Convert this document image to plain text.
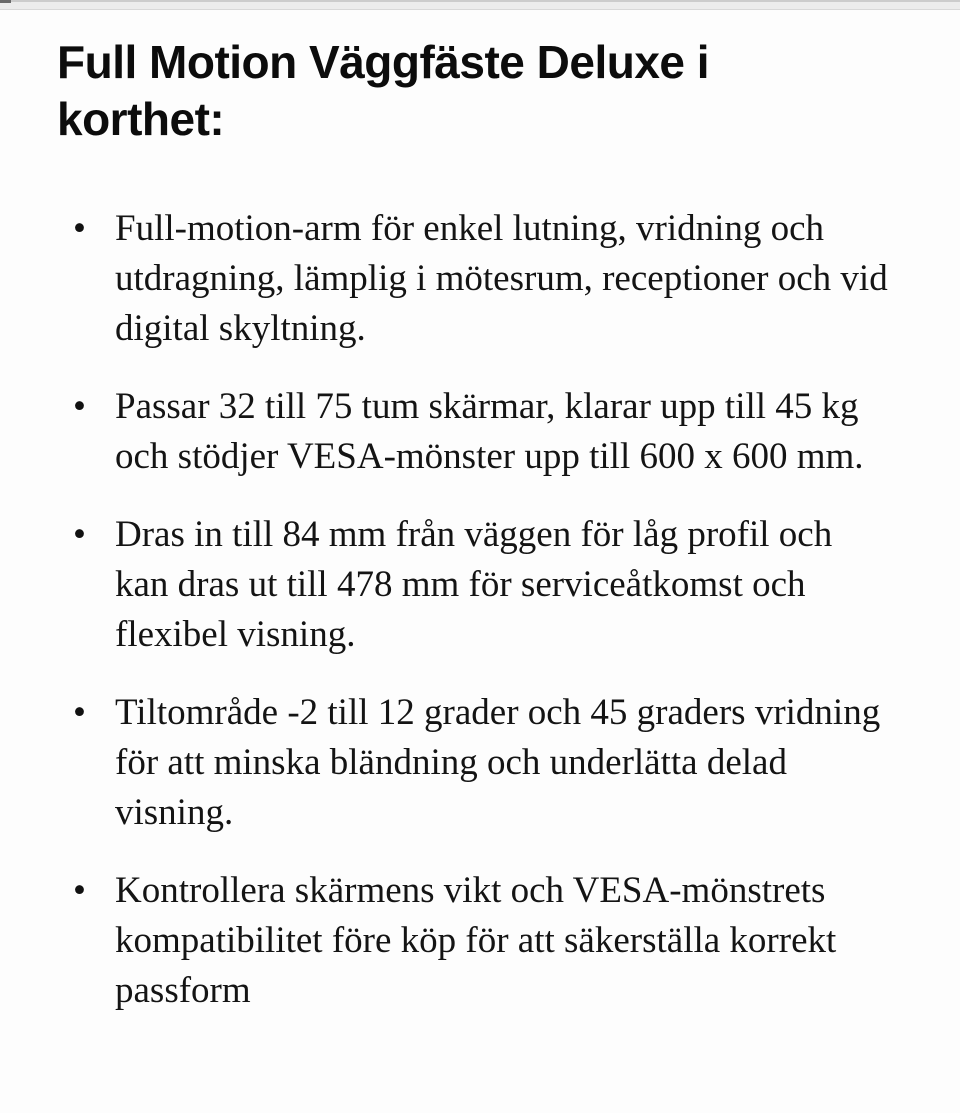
Full Motion Väggfäste Deluxe i korthet:
• Full-motion-arm för enkel lutning, vridning och utdragning, lämplig i mötesrum, receptioner och vid digital skyltning.
• Passar 32 till 75 tum skärmar, klarar upp till 45 kg och stödjer VESA-mönster upp till 600 x 600 mm.
• Dras in till 84 mm från väggen för låg profil och kan dras ut till 478 mm för serviceåtkomst och flexibel visning.
• Tiltområde -2 till 12 grader och 45 graders vridning för att minska bländning och underlätta delad visning.
• Kontrollera skärmens vikt och VESA-mönstrets kompatibilitet före köp för att säkerställa korrekt passform
